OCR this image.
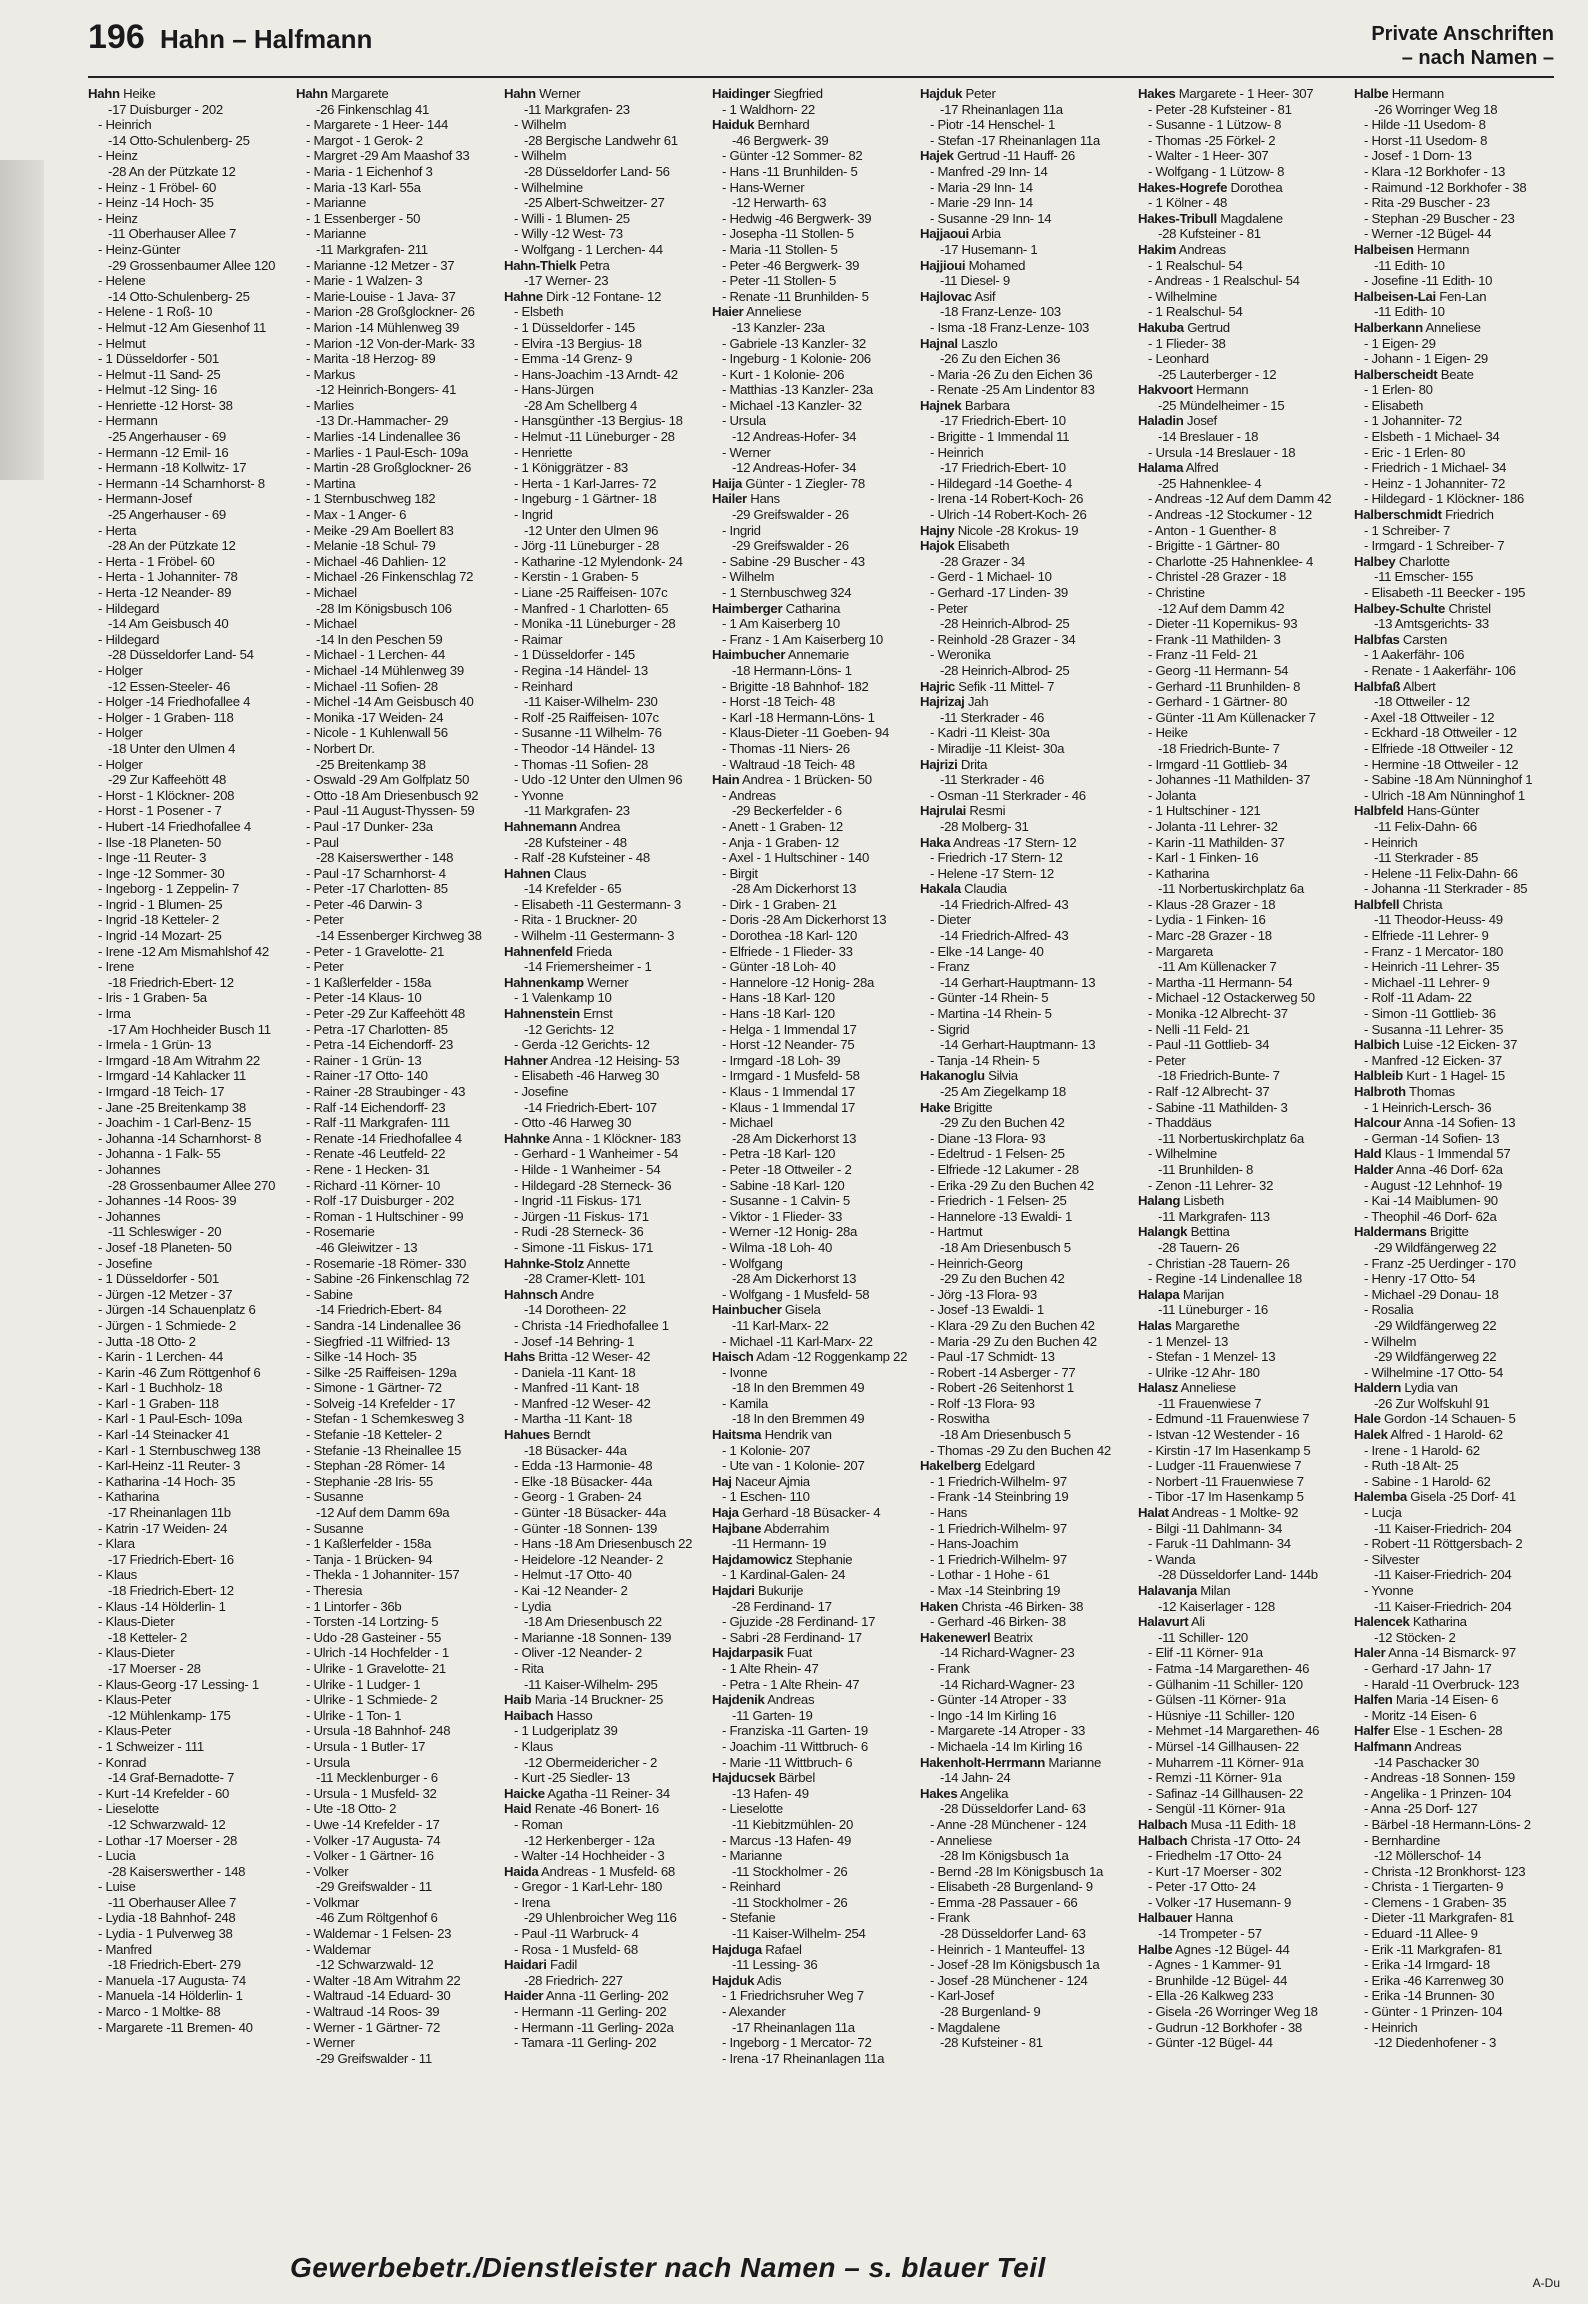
196 Hahn – Halfmann	Private Anschriften
– nach Namen –
Hahn Heike
-17 Duisburger - 202
- Heinrich
-14 Otto-Schulenberg- 25
- Heinz
-28 An der Pützkate 12
- Heinz - 1 Fröbel- 60
- Heinz -14 Hoch- 35
- Heinz
-11 Oberhauser Allee 7
- Heinz-Günter
-29 Grossenbaumer Allee 120
- Helene
-14 Otto-Schulenberg- 25
- Helene - 1 Roß- 10
- Helmut -12 Am Giesenhof 11
- Helmut
- 1 Düsseldorfer - 501
- Helmut -11 Sand- 25
- Helmut -12 Sing- 16
- Henriette -12 Horst- 38
- Hermann
-25 Angerhauser - 69
- Hermann -12 Emil- 16
- Hermann -18 Kollwitz- 17
- Hermann -14 Scharnhorst- 8
- Hermann-Josef
-25 Angerhauser - 69
- Herta
-28 An der Pützkate 12
- Herta - 1 Fröbel- 60
- Herta - 1 Johanniter- 78
- Herta -12 Neander- 89
- Hildegard
-14 Am Geisbusch 40
- Hildegard
-28 Düsseldorfer Land- 54
- Holger
-12 Essen-Steeler- 46
- Holger -14 Friedhofallee 4
- Holger - 1 Graben- 118
- Holger
-18 Unter den Ulmen 4
- Holger
-29 Zur Kaffeehött 48
- Horst - 1 Klöckner- 208
- Horst - 1 Posener - 7
- Hubert -14 Friedhofallee 4
- Ilse -18 Planeten- 50
- Inge -11 Reuter- 3
- Inge -12 Sommer- 30
- Ingeborg - 1 Zeppelin- 7
- Ingrid - 1 Blumen- 25
- Ingrid -18 Ketteler- 2
- Ingrid -14 Mozart- 25
- Irene -12 Am Mismahlshof 42
- Irene
-18 Friedrich-Ebert- 12
- Iris - 1 Graben- 5a
- Irma
-17 Am Hochheider Busch 11
- Irmela - 1 Grün- 13
- Irmgard -18 Am Witrahm 22
- Irmgard -14 Kahlacker 11
- Irmgard -18 Teich- 17
- Jane -25 Breitenkamp 38
- Joachim - 1 Carl-Benz- 15
- Johanna -14 Scharnhorst- 8
- Johanna - 1 Falk- 55
- Johannes
-28 Grossenbaumer Allee 270
- Johannes -14 Roos- 39
- Johannes
-11 Schleswiger - 20
- Josef -18 Planeten- 50
- Josefine
- 1 Düsseldorfer - 501
- Jürgen -12 Metzer - 37
- Jürgen -14 Schauenplatz 6
- Jürgen - 1 Schmiede- 2
- Jutta -18 Otto- 2
- Karin - 1 Lerchen- 44
- Karin -46 Zum Röttgenhof 6
- Karl - 1 Buchholz- 18
- Karl - 1 Graben- 118
- Karl - 1 Paul-Esch- 109a
- Karl -14 Steinacker 41
- Karl - 1 Sternbuschweg 138
- Karl-Heinz -11 Reuter- 3
- Katharina -14 Hoch- 35
- Katharina
-17 Rheinanlagen 11b
- Katrin -17 Weiden- 24
- Klara
-17 Friedrich-Ebert- 16
- Klaus
-18 Friedrich-Ebert- 12
- Klaus -14 Hölderlin- 1
- Klaus-Dieter
-18 Ketteler- 2
- Klaus-Dieter
-17 Moerser - 28
- Klaus-Georg -17 Lessing- 1
- Klaus-Peter
-12 Mühlenkamp- 175
- Klaus-Peter
- 1 Schweizer - 111
- Konrad
-14 Graf-Bernadotte- 7
- Kurt -14 Krefelder - 60
- Lieselotte
-12 Schwarzwald- 12
- Lothar -17 Moerser - 28
- Lucia
-28 Kaiserswerther - 148
- Luise
-11 Oberhauser Allee 7
- Lydia -18 Bahnhof- 248
- Lydia - 1 Pulverweg 38
- Manfred
-18 Friedrich-Ebert- 279
- Manuela -17 Augusta- 74
- Manuela -14 Hölderlin- 1
- Marco - 1 Moltke- 88
- Margarete -11 Bremen- 40
Hahn Margarete
-26 Finkenschlag 41
- Margarete - 1 Heer- 144
- Margot - 1 Gerok- 2
- Margret -29 Am Maashof 33
- Maria - 1 Eichenhof 3
- Maria -13 Karl- 55a
- Marianne
- 1 Essenberger - 50
- Marianne
-11 Markgrafen- 211
- Marianne -12 Metzer - 37
- Marie - 1 Walzen- 3
- Marie-Louise - 1 Java- 37
- Marion -28 Großglockner- 26
- Marion -14 Mühlenweg 39
- Marion -12 Von-der-Mark- 33
- Marita -18 Herzog- 89
- Markus
-12 Heinrich-Bongers- 41
- Marlies
-13 Dr.-Hammacher- 29
- Marlies -14 Lindenallee 36
- Marlies - 1 Paul-Esch- 109a
- Martin -28 Großglockner- 26
- Martina
- 1 Sternbuschweg 182
- Max - 1 Anger- 6
- Meike -29 Am Boellert 83
- Melanie -18 Schul- 79
- Michael -46 Dahlien- 12
- Michael -26 Finkenschlag 72
- Michael
-28 Im Königsbusch 106
- Michael
-14 In den Peschen 59
- Michael - 1 Lerchen- 44
- Michael -14 Mühlenweg 39
- Michael -11 Sofien- 28
- Michel -14 Am Geisbusch 40
- Monika -17 Weiden- 24
- Nicole - 1 Kuhlenwall 56
- Norbert Dr.
-25 Breitenkamp 38
- Oswald -29 Am Golfplatz 50
- Otto -18 Am Driesenbusch 92
- Paul -11 August-Thyssen- 59
- Paul -17 Dunker- 23a
- Paul
-28 Kaiserswerther - 148
- Paul -17 Scharnhorst- 4
- Peter -17 Charlotten- 85
- Peter -46 Darwin- 3
- Peter
-14 Essenberger Kirchweg 38
- Peter - 1 Gravelotte- 21
- Peter
- 1 Kaßlerfelder - 158a
- Peter -14 Klaus- 10
- Peter -29 Zur Kaffeehött 48
- Petra -17 Charlotten- 85
- Petra -14 Eichendorff- 23
- Rainer - 1 Grün- 13
- Rainer -17 Otto- 140
- Rainer -28 Straubinger - 43
- Ralf -14 Eichendorff- 23
- Ralf -11 Markgrafen- 111
- Renate -14 Friedhofallee 4
- Renate -46 Leutfeld- 22
- Rene - 1 Hecken- 31
- Richard -11 Körner- 10
- Rolf -17 Duisburger - 202
- Roman - 1 Hultschiner - 99
- Rosemarie
-46 Gleiwitzer - 13
- Rosemarie -18 Römer- 330
- Sabine -26 Finkenschlag 72
- Sabine
-14 Friedrich-Ebert- 84
- Sandra -14 Lindenallee 36
- Siegfried -11 Wilfried- 13
- Silke -14 Hoch- 35
- Silke -25 Raiffeisen- 129a
- Simone - 1 Gärtner- 72
- Solveig -14 Krefelder - 17
- Stefan - 1 Schemkesweg 3
- Stefanie -18 Ketteler- 2
- Stefanie -13 Rheinallee 15
- Stephan -28 Römer- 14
- Stephanie -28 Iris- 55
- Susanne
-12 Auf dem Damm 69a
- Susanne
- 1 Kaßlerfelder - 158a
- Tanja - 1 Brücken- 94
- Thekla - 1 Johanniter- 157
- Theresia
- 1 Lintorfer - 36b
- Torsten -14 Lortzing- 5
- Udo -28 Gasteiner - 55
- Ulrich -14 Hochfelder - 1
- Ulrike - 1 Gravelotte- 21
- Ulrike - 1 Ludger- 1
- Ulrike - 1 Schmiede- 2
- Ulrike - 1 Ton- 1
- Ursula -18 Bahnhof- 248
- Ursula - 1 Butler- 17
- Ursula
-11 Mecklenburger - 6
- Ursula - 1 Musfeld- 32
- Ute -18 Otto- 2
- Uwe -14 Krefelder - 17
- Volker -17 Augusta- 74
- Volker - 1 Gärtner- 16
- Volker
-29 Greifswalder - 11
- Volkmar
-46 Zum Röltgenhof 6
- Waldemar - 1 Felsen- 23
- Waldemar
-12 Schwarzwald- 12
- Walter -18 Am Witrahm 22
- Waltraud -14 Eduard- 30
- Waltraud -14 Roos- 39
- Werner - 1 Gärtner- 72
- Werner
-29 Greifswalder - 11
Hahn Werner
-11 Markgrafen- 23
- Wilhelm
-28 Bergische Landwehr 61
- Wilhelm
-28 Düsseldorfer Land- 56
- Wilhelmine
-25 Albert-Schweitzer- 27
- Willi - 1 Blumen- 25
- Willy -12 West- 73
- Wolfgang - 1 Lerchen- 44
Hahn-Thielk Petra
-17 Werner- 23
Hahne Dirk -12 Fontane- 12
- Elsbeth
- 1 Düsseldorfer - 145
- Elvira -13 Bergius- 18
- Emma -14 Grenz- 9
- Hans-Joachim -13 Arndt- 42
- Hans-Jürgen
-28 Am Schellberg 4
- Hansgünther -13 Bergius- 18
- Helmut -11 Lüneburger - 28
- Henriette
- 1 Königgrätzer - 83
- Herta - 1 Karl-Jarres- 72
- Ingeburg - 1 Gärtner- 18
- Ingrid
-12 Unter den Ulmen 96
- Jörg -11 Lüneburger - 28
- Katharine -12 Mylendonk- 24
- Kerstin - 1 Graben- 5
- Liane -25 Raiffeisen- 107c
- Manfred - 1 Charlotten- 65
- Monika -11 Lüneburger - 28
- Raimar
- 1 Düsseldorfer - 145
- Regina -14 Händel- 13
- Reinhard
-11 Kaiser-Wilhelm- 230
- Rolf -25 Raiffeisen- 107c
- Susanne -11 Wilhelm- 76
- Theodor -14 Händel- 13
- Thomas -11 Sofien- 28
- Udo -12 Unter den Ulmen 96
- Yvonne
-11 Markgrafen- 23
Hahnemann Andrea
-28 Kufsteiner - 48
- Ralf -28 Kufsteiner - 48
Hahnen Claus
-14 Krefelder - 65
- Elisabeth -11 Gestermann- 3
- Rita - 1 Bruckner- 20
- Wilhelm -11 Gestermann- 3
Hahnenfeld Frieda
-14 Friemersheimer - 1
Hahnenkamp Werner
- 1 Valenkamp 10
Hahnenstein Ernst
-12 Gerichts- 12
- Gerda -12 Gerichts- 12
Hahner Andrea -12 Heising- 53
- Elisabeth -46 Harweg 30
- Josefine
-14 Friedrich-Ebert- 107
- Otto -46 Harweg 30
Hahnke Anna - 1 Klöckner- 183
- Gerhard - 1 Wanheimer - 54
- Hilde - 1 Wanheimer - 54
- Hildegard -28 Sterneck- 36
- Ingrid -11 Fiskus- 171
- Jürgen -11 Fiskus- 171
- Rudi -28 Sterneck- 36
- Simone -11 Fiskus- 171
Hahnke-Stolz Annette
-28 Cramer-Klett- 101
Hahnsch Andre
-14 Dorotheen- 22
- Christa -14 Friedhofallee 1
- Josef -14 Behring- 1
Hahs Britta -12 Weser- 42
- Daniela -11 Kant- 18
- Manfred -11 Kant- 18
- Manfred -12 Weser- 42
- Martha -11 Kant- 18
Hahues Berndt
-18 Büsacker- 44a
- Edda -13 Harmonie- 48
- Elke -18 Büsacker- 44a
- Georg - 1 Graben- 24
- Günter -18 Büsacker- 44a
- Günter -18 Sonnen- 139
- Hans -18 Am Driesenbusch 22
- Heidelore -12 Neander- 2
- Helmut -17 Otto- 40
- Kai -12 Neander- 2
- Lydia
-18 Am Driesenbusch 22
- Marianne -18 Sonnen- 139
- Oliver -12 Neander- 2
- Rita
-11 Kaiser-Wilhelm- 295
Haib Maria -14 Bruckner- 25
Haibach Hasso
- 1 Ludgeriplatz 39
- Klaus
-12 Obermeidericher - 2
- Kurt -25 Siedler- 13
Haicke Agatha -11 Reiner- 34
Haid Renate -46 Bonert- 16
- Roman
-12 Herkenberger - 12a
- Walter -14 Hochheider - 3
Haida Andreas - 1 Musfeld- 68
- Gregor - 1 Karl-Lehr- 180
- Irena
-29 Uhlenbroicher Weg 116
- Paul -11 Warbruck- 4
- Rosa - 1 Musfeld- 68
Haidari Fadil
-28 Friedrich- 227
Haider Anna -11 Gerling- 202
- Hermann -11 Gerling- 202
- Hermann -11 Gerling- 202a
- Tamara -11 Gerling- 202
Haidinger Siegfried
- 1 Waldhorn- 22
Haiduk Bernhard
-46 Bergwerk- 39
- Günter -12 Sommer- 82
- Hans -11 Brunhilden- 5
- Hans-Werner
-12 Herwarth- 63
- Hedwig -46 Bergwerk- 39
- Josepha -11 Stollen- 5
- Maria -11 Stollen- 5
- Peter -46 Bergwerk- 39
- Peter -11 Stollen- 5
- Renate -11 Brunhilden- 5
Haier Anneliese
-13 Kanzler- 23a
- Gabriele -13 Kanzler- 32
- Ingeburg - 1 Kolonie- 206
- Kurt - 1 Kolonie- 206
- Matthias -13 Kanzler- 23a
- Michael -13 Kanzler- 32
- Ursula
-12 Andreas-Hofer- 34
- Werner
-12 Andreas-Hofer- 34
Haija Günter - 1 Ziegler- 78
Hailer Hans
-29 Greifswalder - 26
- Ingrid
-29 Greifswalder - 26
- Sabine -29 Buscher - 43
- Wilhelm
- 1 Sternbuschweg 324
Haimberger Catharina
- 1 Am Kaiserberg 10
- Franz - 1 Am Kaiserberg 10
Haimbucher Annemarie
-18 Hermann-Löns- 1
- Brigitte -18 Bahnhof- 182
- Horst -18 Teich- 48
- Karl -18 Hermann-Löns- 1
- Klaus-Dieter -11 Goeben- 94
- Thomas -11 Niers- 26
- Waltraud -18 Teich- 48
Hain Andrea - 1 Brücken- 50
- Andreas
-29 Beckerfelder - 6
- Anett - 1 Graben- 12
- Anja - 1 Graben- 12
- Axel - 1 Hultschiner - 140
- Birgit
-28 Am Dickerhorst 13
- Dirk - 1 Graben- 21
- Doris -28 Am Dickerhorst 13
- Dorothea -18 Karl- 120
- Elfriede - 1 Flieder- 33
- Günter -18 Loh- 40
- Hannelore -12 Honig- 28a
- Hans -18 Karl- 120
- Hans -18 Karl- 120
- Helga - 1 Immendal 17
- Horst -12 Neander- 75
- Irmgard -18 Loh- 39
- Irmgard - 1 Musfeld- 58
- Klaus - 1 Immendal 17
- Klaus - 1 Immendal 17
- Michael
-28 Am Dickerhorst 13
- Petra -18 Karl- 120
- Peter -18 Ottweiler - 2
- Sabine -18 Karl- 120
- Susanne - 1 Calvin- 5
- Viktor - 1 Flieder- 33
- Werner -12 Honig- 28a
- Wilma -18 Loh- 40
- Wolfgang
-28 Am Dickerhorst 13
- Wolfgang - 1 Musfeld- 58
Hainbucher Gisela
-11 Karl-Marx- 22
- Michael -11 Karl-Marx- 22
Haisch Adam -12 Roggenkamp 22
- Ivonne
-18 In den Bremmen 49
- Kamila
-18 In den Bremmen 49
Haitsma Hendrik van
- 1 Kolonie- 207
- Ute van - 1 Kolonie- 207
Haj Naceur Ajmia
- 1 Eschen- 110
Haja Gerhard -18 Büsacker- 4
Hajbane Abderrahim
-11 Hermann- 19
Hajdamowicz Stephanie
- 1 Kardinal-Galen- 24
Hajdari Bukurije
-28 Ferdinand- 17
- Gjuzide -28 Ferdinand- 17
- Sabri -28 Ferdinand- 17
Hajdarpasik Fuat
- 1 Alte Rhein- 47
- Petra - 1 Alte Rhein- 47
Hajdenik Andreas
-11 Garten- 19
- Franziska -11 Garten- 19
- Joachim -11 Wittbruch- 6
- Marie -11 Wittbruch- 6
Hajducsek Bärbel
-13 Hafen- 49
- Lieselotte
-11 Kiebitzmühlen- 20
- Marcus -13 Hafen- 49
- Marianne
-11 Stockholmer - 26
- Reinhard
-11 Stockholmer - 26
- Stefanie
-11 Kaiser-Wilhelm- 254
Hajduga Rafael
-11 Lessing- 36
Hajduk Adis
- 1 Friedrichsruher Weg 7
- Alexander
-17 Rheinanlagen 11a
- Ingeborg - 1 Mercator- 72
- Irena -17 Rheinanlagen 11a
Hajduk Peter
-17 Rheinanlagen 11a
- Piotr -14 Henschel- 1
- Stefan -17 Rheinanlagen 11a
Hajek Gertrud -11 Hauff- 26
- Manfred -29 Inn- 14
- Maria -29 Inn- 14
- Marie -29 Inn- 14
- Susanne -29 Inn- 14
Hajjaoui Arbia
-17 Husemann- 1
Hajjioui Mohamed
-11 Diesel- 9
Hajlovac Asif
-18 Franz-Lenze- 103
- Isma -18 Franz-Lenze- 103
Hajnal Laszlo
-26 Zu den Eichen 36
- Maria -26 Zu den Eichen 36
- Renate -25 Am Lindentor 83
Hajnek Barbara
-17 Friedrich-Ebert- 10
- Brigitte - 1 Immendal 11
- Heinrich
-17 Friedrich-Ebert- 10
- Hildegard -14 Goethe- 4
- Irena -14 Robert-Koch- 26
- Ulrich -14 Robert-Koch- 26
Hajny Nicole -28 Krokus- 19
Hajok Elisabeth
-28 Grazer - 34
- Gerd - 1 Michael- 10
- Gerhard -17 Linden- 39
- Peter
-28 Heinrich-Albrod- 25
- Reinhold -28 Grazer - 34
- Weronika
-28 Heinrich-Albrod- 25
Hajric Sefik -11 Mittel- 7
Hajrizaj Jah
-11 Sterkrader - 46
- Kadri -11 Kleist- 30a
- Miradije -11 Kleist- 30a
Hajrizi Drita
-11 Sterkrader - 46
- Osman -11 Sterkrader - 46
Hajrulai Resmi
-28 Molberg- 31
Haka Andreas -17 Stern- 12
- Friedrich -17 Stern- 12
- Helene -17 Stern- 12
Hakala Claudia
-14 Friedrich-Alfred- 43
- Dieter
-14 Friedrich-Alfred- 43
- Elke -14 Lange- 40
- Franz
-14 Gerhart-Hauptmann- 13
- Günter -14 Rhein- 5
- Martina -14 Rhein- 5
- Sigrid
-14 Gerhart-Hauptmann- 13
- Tanja -14 Rhein- 5
Hakanoglu Silvia
-25 Am Ziegelkamp 18
Hake Brigitte
-29 Zu den Buchen 42
- Diane -13 Flora- 93
- Edeltrud - 1 Felsen- 25
- Elfriede -12 Lakumer - 28
- Erika -29 Zu den Buchen 42
- Friedrich - 1 Felsen- 25
- Hannelore -13 Ewaldi- 1
- Hartmut
-18 Am Driesenbusch 5
- Heinrich-Georg
-29 Zu den Buchen 42
- Jörg -13 Flora- 93
- Josef -13 Ewaldi- 1
- Klara -29 Zu den Buchen 42
- Maria -29 Zu den Buchen 42
- Paul -17 Schmidt- 13
- Robert -14 Asberger - 77
- Robert -26 Seitenhorst 1
- Rolf -13 Flora- 93
- Roswitha
-18 Am Driesenbusch 5
- Thomas -29 Zu den Buchen 42
Hakelberg Edelgard
- 1 Friedrich-Wilhelm- 97
- Frank -14 Steinbring 19
- Hans
- 1 Friedrich-Wilhelm- 97
- Hans-Joachim
- 1 Friedrich-Wilhelm- 97
- Lothar - 1 Hohe - 61
- Max -14 Steinbring 19
Haken Christa -46 Birken- 38
- Gerhard -46 Birken- 38
Hakenewerl Beatrix
-14 Richard-Wagner- 23
- Frank
-14 Richard-Wagner- 23
- Günter -14 Atroper - 33
- Ingo -14 Im Kirling 16
- Margarete -14 Atroper - 33
- Michaela -14 Im Kirling 16
Hakenholt-Herrmann Marianne
-14 Jahn- 24
Hakes Angelika
-28 Düsseldorfer Land- 63
- Anne -28 Münchener - 124
- Anneliese
-28 Im Königsbusch 1a
- Bernd -28 Im Königsbusch 1a
- Elisabeth -28 Burgenland- 9
- Emma -28 Passauer - 66
- Frank
-28 Düsseldorfer Land- 63
- Heinrich - 1 Manteuffel- 13
- Josef -28 Im Königsbusch 1a
- Josef -28 Münchener - 124
- Karl-Josef
-28 Burgenland- 9
- Magdalene
-28 Kufsteiner - 81
Hakes Margarete - 1 Heer- 307
- Peter -28 Kufsteiner - 81
- Susanne - 1 Lützow- 8
- Thomas -25 Förkel- 2
- Walter - 1 Heer- 307
- Wolfgang - 1 Lützow- 8
Hakes-Hogrefe Dorothea
- 1 Kölner - 48
Hakes-Tribull Magdalene
-28 Kufsteiner - 81
Hakim Andreas
- 1 Realschul- 54
- Andreas - 1 Realschul- 54
- Wilhelmine
- 1 Realschul- 54
Hakuba Gertrud
- 1 Flieder- 38
- Leonhard
-25 Lauterberger - 12
Hakvoort Hermann
-25 Mündelheimer - 15
Haladin Josef
-14 Breslauer - 18
- Ursula -14 Breslauer - 18
Halama Alfred
-25 Hahnenklee- 4
- Andreas -12 Auf dem Damm 42
- Andreas -12 Stockumer - 12
- Anton - 1 Guenther- 8
- Brigitte - 1 Gärtner- 80
- Charlotte -25 Hahnenklee- 4
- Christel -28 Grazer - 18
- Christine
-12 Auf dem Damm 42
- Dieter -11 Kopernikus- 93
- Frank -11 Mathilden- 3
- Franz -11 Feld- 21
- Georg -11 Hermann- 54
- Gerhard -11 Brunhilden- 8
- Gerhard - 1 Gärtner- 80
- Günter -11 Am Küllenacker 7
- Heike
-18 Friedrich-Bunte- 7
- Irmgard -11 Gottlieb- 34
- Johannes -11 Mathilden- 37
- Jolanta
- 1 Hultschiner - 121
- Jolanta -11 Lehrer- 32
- Karin -11 Mathilden- 37
- Karl - 1 Finken- 16
- Katharina
-11 Norbertuskirchplatz 6a
- Klaus -28 Grazer - 18
- Lydia - 1 Finken- 16
- Marc -28 Grazer - 18
- Margareta
-11 Am Küllenacker 7
- Martha -11 Hermann- 54
- Michael -12 Ostackerweg 50
- Monika -12 Albrecht- 37
- Nelli -11 Feld- 21
- Paul -11 Gottlieb- 34
- Peter
-18 Friedrich-Bunte- 7
- Ralf -12 Albrecht- 37
- Sabine -11 Mathilden- 3
- Thaddäus
-11 Norbertuskirchplatz 6a
- Wilhelmine
-11 Brunhilden- 8
- Zenon -11 Lehrer- 32
Halang Lisbeth
-11 Markgrafen- 113
Halangk Bettina
-28 Tauern- 26
- Christian -28 Tauern- 26
- Regine -14 Lindenallee 18
Halapa Marijan
-11 Lüneburger - 16
Halas Margarethe
- 1 Menzel- 13
- Stefan - 1 Menzel- 13
- Ulrike -12 Ahr- 180
Halasz Anneliese
-11 Frauenwiese 7
- Edmund -11 Frauenwiese 7
- Istvan -12 Westender - 16
- Kirstin -17 Im Hasenkamp 5
- Ludger -11 Frauenwiese 7
- Norbert -11 Frauenwiese 7
- Tibor -17 Im Hasenkamp 5
Halat Andreas - 1 Moltke- 92
- Bilgi -11 Dahlmann- 34
- Faruk -11 Dahlmann- 34
- Wanda
-28 Düsseldorfer Land- 144b
Halavanja Milan
-12 Kaiserlager - 128
Halavurt Ali
-11 Schiller- 120
- Elif -11 Körner- 91a
- Fatma -14 Margarethen- 46
- Gülhanim -11 Schiller- 120
- Gülsen -11 Körner- 91a
- Hüsniye -11 Schiller- 120
- Mehmet -14 Margarethen- 46
- Mürsel -14 Gillhausen- 22
- Muharrem -11 Körner- 91a
- Remzi -11 Körner- 91a
- Safinaz -14 Gillhausen- 22
- Sengül -11 Körner- 91a
Halbach Musa -11 Edith- 18
Halbach Christa -17 Otto- 24
- Friedhelm -17 Otto- 24
- Kurt -17 Moerser - 302
- Peter -17 Otto- 24
- Volker -17 Husemann- 9
Halbauer Hanna
-14 Trompeter - 57
Halbe Agnes -12 Bügel- 44
- Agnes - 1 Kammer- 91
- Brunhilde -12 Bügel- 44
- Ella -26 Kalkweg 233
- Gisela -26 Worringer Weg 18
- Gudrun -12 Borkhofer - 38
- Günter -12 Bügel- 44
Halbe Hermann
-26 Worringer Weg 18
- Hilde -11 Usedom- 8
- Horst -11 Usedom- 8
- Josef - 1 Dorn- 13
- Klara -12 Borkhofer - 13
- Raimund -12 Borkhofer - 38
- Rita -29 Buscher - 23
- Stephan -29 Buscher - 23
- Werner -12 Bügel- 44
Halbeisen Hermann
-11 Edith- 10
- Josefine -11 Edith- 10
Halbeisen-Lai Fen-Lan
-11 Edith- 10
Halberkann Anneliese
- 1 Eigen- 29
- Johann - 1 Eigen- 29
Halberscheidt Beate
- 1 Erlen- 80
- Elisabeth
- 1 Johanniter- 72
- Elsbeth - 1 Michael- 34
- Eric - 1 Erlen- 80
- Friedrich - 1 Michael- 34
- Heinz - 1 Johanniter- 72
- Hildegard - 1 Klöckner- 186
Halberschmidt Friedrich
- 1 Schreiber- 7
- Irmgard - 1 Schreiber- 7
Halbey Charlotte
-11 Emscher- 155
- Elisabeth -11 Beecker - 195
Halbey-Schulte Christel
-13 Amtsgerichts- 33
Halbfas Carsten
- 1 Aakerfähr- 106
- Renate - 1 Aakerfähr- 106
Halbfaß Albert
-18 Ottweiler - 12
- Axel -18 Ottweiler - 12
- Eckhard -18 Ottweiler - 12
- Elfriede -18 Ottweiler - 12
- Hermine -18 Ottweiler - 12
- Sabine -18 Am Nünninghof 1
- Ulrich -18 Am Nünninghof 1
Halbfeld Hans-Günter
-11 Felix-Dahn- 66
- Heinrich
-11 Sterkrader - 85
- Helene -11 Felix-Dahn- 66
- Johanna -11 Sterkrader - 85
Halbfell Christa
-11 Theodor-Heuss- 49
- Elfriede -11 Lehrer- 9
- Franz - 1 Mercator- 180
- Heinrich -11 Lehrer- 35
- Michael -11 Lehrer- 9
- Rolf -11 Adam- 22
- Simon -11 Gottlieb- 36
- Susanna -11 Lehrer- 35
Halbich Luise -12 Eicken- 37
- Manfred -12 Eicken- 37
Halbleib Kurt - 1 Hagel- 15
Halbroth Thomas
- 1 Heinrich-Lersch- 36
Halcour Anna -14 Sofien- 13
- German -14 Sofien- 13
Hald Klaus - 1 Immendal 57
Halder Anna -46 Dorf- 62a
- August -12 Lehnhof- 19
- Kai -14 Maiblumen- 90
- Theophil -46 Dorf- 62a
Haldermans Brigitte
-29 Wildfängerweg 22
- Franz -25 Uerdinger - 170
- Henry -17 Otto- 54
- Michael -29 Donau- 18
- Rosalia
-29 Wildfängerweg 22
- Wilhelm
-29 Wildfängerweg 22
- Wilhelmine -17 Otto- 54
Haldern Lydia van
-26 Zur Wolfskuhl 91
Hale Gordon -14 Schauen- 5
Halek Alfred - 1 Harold- 62
- Irene - 1 Harold- 62
- Ruth -18 Alt- 25
- Sabine - 1 Harold- 62
Halemba Gisela -25 Dorf- 41
- Lucja
-11 Kaiser-Friedrich- 204
- Robert -11 Röttgersbach- 2
- Silvester
-11 Kaiser-Friedrich- 204
- Yvonne
-11 Kaiser-Friedrich- 204
Halencek Katharina
-12 Stöcken- 2
Haler Anna -14 Bismarck- 97
- Gerhard -17 Jahn- 17
- Harald -11 Overbruck- 123
Halfen Maria -14 Eisen- 6
- Moritz -14 Eisen- 6
Halfer Else - 1 Eschen- 28
Halfmann Andreas
-14 Paschacker 30
- Andreas -18 Sonnen- 159
- Angelika - 1 Prinzen- 104
- Anna -25 Dorf- 127
- Bärbel -18 Hermann-Löns- 2
- Bernhardine
-12 Möllerschof- 14
- Christa -12 Bronkhorst- 123
- Christa - 1 Tiergarten- 9
- Clemens - 1 Graben- 35
- Dieter -11 Markgrafen- 81
- Eduard -11 Allee- 9
- Erik -11 Markgrafen- 81
- Erika -14 Irmgard- 18
- Erika -46 Karrenweg 30
- Erika -14 Brunnen- 30
- Günter - 1 Prinzen- 104
- Heinrich
-12 Diedenhofener - 3
Gewerbebetr./Dienstleister nach Namen – s. blauer Teil	A-Du
